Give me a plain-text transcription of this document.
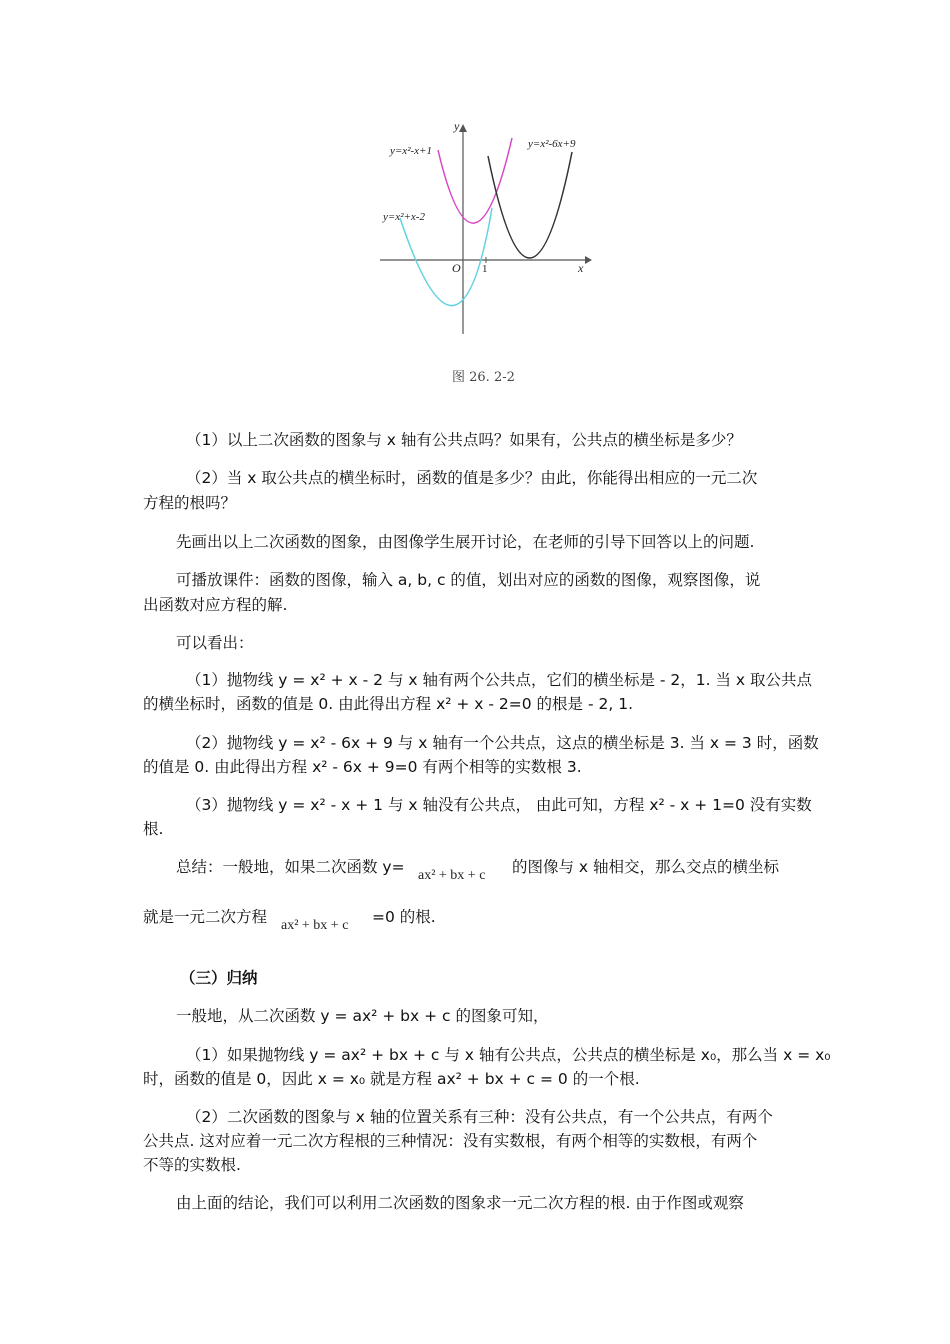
y=x²-x+1
y=x²-6x+9
y=x²+x-2
y
x
O 1
图 26. 2-2
（1）以上二次函数的图象与 x 轴有公共点吗？如果有，公共点的横坐标是多少？
（2）当 x 取公共点的横坐标时，函数的值是多少？由此，你能得出相应的一元二次
方程的根吗？
先画出以上二次函数的图象，由图像学生展开讨论，在老师的引导下回答以上的问题.
可播放课件：函数的图像，输入 a, b, c 的值，划出对应的函数的图像，观察图像，说
出函数对应方程的解.
可以看出：
（1）抛物线 y = x² + x - 2 与 x 轴有两个公共点，它们的横坐标是 - 2，1. 当 x 取公共点
的横坐标时，函数的值是 0. 由此得出方程 x² + x - 2=0 的根是 - 2, 1.
（2）抛物线 y = x² - 6x + 9 与 x 轴有一个公共点，这点的横坐标是 3. 当 x = 3 时，函数
的值是 0. 由此得出方程 x² - 6x + 9=0 有两个相等的实数根 3.
（3）抛物线 y = x² - x + 1 与 x 轴没有公共点， 由此可知，方程 x² - x + 1=0 没有实数
根.
总结：一般地，如果二次函数 y= ax² + bx + c 的图像与 x 轴相交，那么交点的横坐标
就是一元二次方程 ax² + bx + c =0 的根.
（三）归纳
一般地，从二次函数 y = ax² + bx + c 的图象可知，
（1）如果抛物线 y = ax² + bx + c 与 x 轴有公共点，公共点的横坐标是 x₀，那么当 x = x₀
时，函数的值是 0，因此 x = x₀ 就是方程 ax² + bx + c = 0 的一个根.
（2）二次函数的图象与 x 轴的位置关系有三种：没有公共点，有一个公共点，有两个
公共点. 这对应着一元二次方程根的三种情况：没有实数根，有两个相等的实数根，有两个
不等的实数根.
由上面的结论，我们可以利用二次函数的图象求一元二次方程的根. 由于作图或观察
